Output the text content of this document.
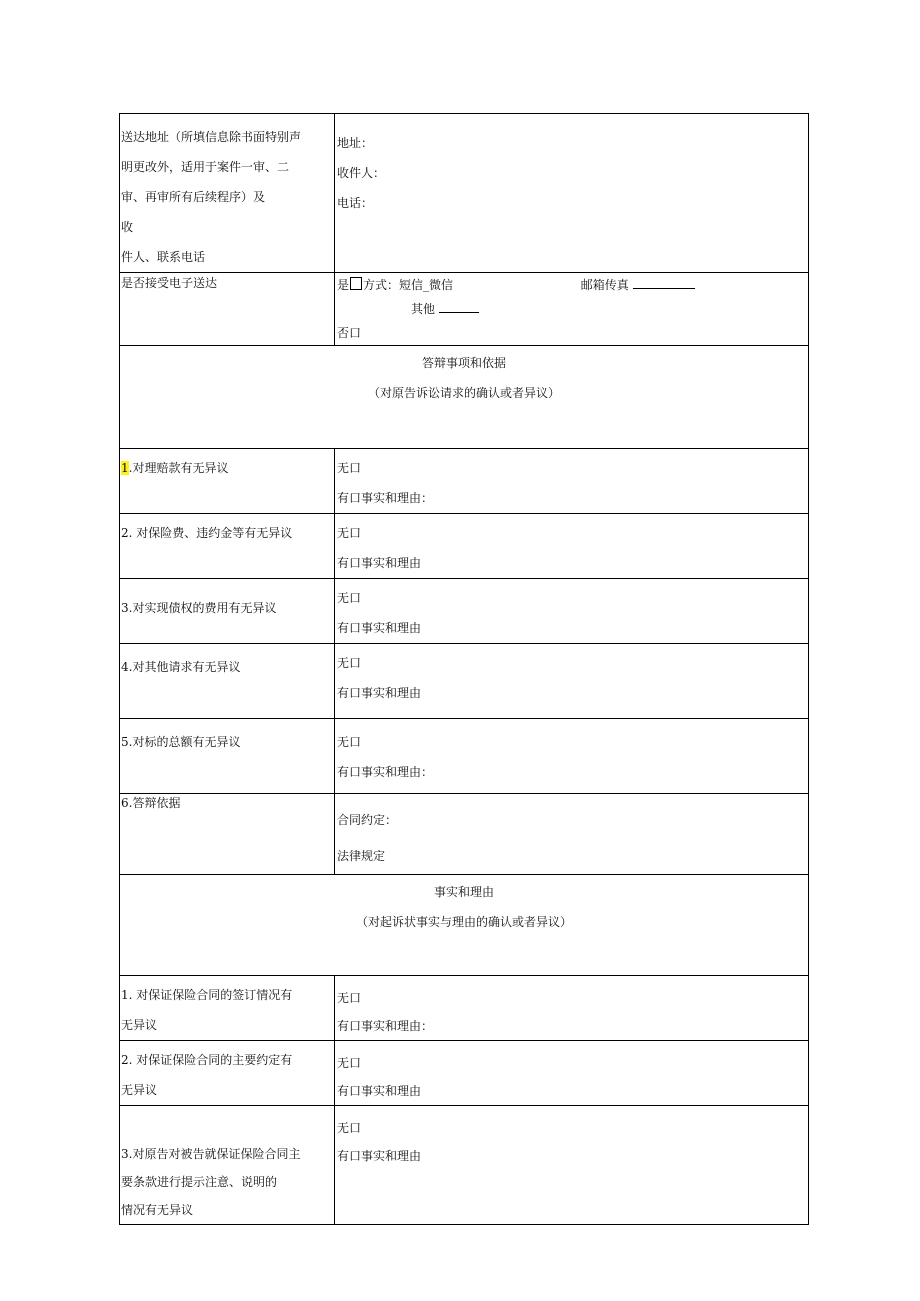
送达地址（所填信息除书面特别声
明更改外，适用于案件一审、二
审、再审所有后续程序）及
收
件人、联系电话	地址：
收件人：
电话：

是否接受电子送达	是 方式：短信_微信 邮箱传真
其他
否口

答辩事项和依据
（对原告诉讼请求的确认或者异议）	

1.对理赔款有无异议	无口
有口事实和理由：

2. 对保险费、违约金等有无异议	无口
有口事实和理由

3.对实现债权的费用有无异议	无口
有口事实和理由

4.对其他请求有无异议	无口
有口事实和理由

5.对标的总额有无异议	无口
有口事实和理由：

6.答辩依据	合同约定：
法律规定

事实和理由
（对起诉状事实与理由的确认或者异议）	

1. 对保证保险合同的签订情况有
无异议	无口
有口事实和理由：

2. 对保证保险合同的主要约定有
无异议	无口
有口事实和理由

3.对原告对被告就保证保险合同主
要条款进行提示注意、说明的
情况有无异议	无口
有口事实和理由
